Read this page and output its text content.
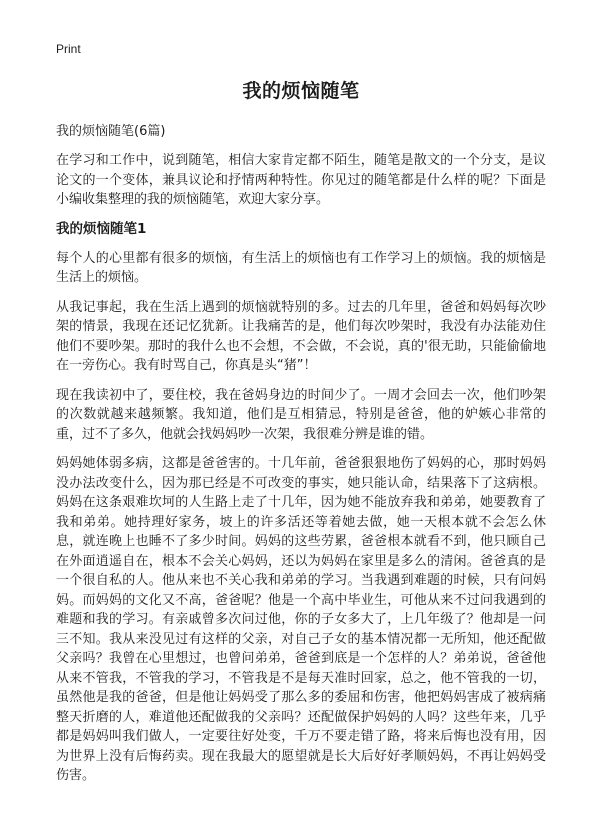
Print
我的烦恼随笔
我的烦恼随笔(6篇)

在学习和工作中，说到随笔，相信大家肯定都不陌生，随笔是散文的一个分支，是议论文的一个变体，兼具议论和抒情两种特性。你见过的随笔都是什么样的呢？下面是小编收集整理的我的烦恼随笔，欢迎大家分享。

我的烦恼随笔1

每个人的心里都有很多的烦恼，有生活上的烦恼也有工作学习上的烦恼。我的烦恼是生活上的烦恼。

从我记事起，我在生活上遇到的烦恼就特别的多。过去的几年里，爸爸和妈妈每次吵架的情景，我现在还记忆犹新。让我痛苦的是，他们每次吵架时，我没有办法能劝住他们不要吵架。那时的我什么也不会想，不会做，不会说，真的'很无助，只能偷偷地在一旁伤心。我有时骂自己，你真是头“猪”！

现在我读初中了，要住校，我在爸妈身边的时间少了。一周才会回去一次，他们吵架的次数就越来越频繁。我知道，他们是互相猜忌，特别是爸爸，他的妒嫉心非常的重，过不了多久，他就会找妈妈吵一次架，我很难分辨是谁的错。

妈妈她体弱多病，这都是爸爸害的。十几年前，爸爸狠狠地伤了妈妈的心，那时妈妈没办法改变什么，因为那已经是不可改变的事实，她只能认命，结果落下了这病根。妈妈在这条艰难坎坷的人生路上走了十几年，因为她不能放弃我和弟弟，她要教育了我和弟弟。她持理好家务，坡上的许多活还等着她去做，她一天根本就不会怎么休息，就连晚上也睡不了多少时间。妈妈的这些劳累，爸爸根本就看不到，他只顾自己在外面逍遥自在，根本不会关心妈妈，还以为妈妈在家里是多么的清闲。爸爸真的是一个很自私的人。他从来也不关心我和弟弟的学习。当我遇到难题的时候，只有问妈妈。而妈妈的文化又不高，爸爸呢？他是一个高中毕业生，可他从来不过问我遇到的难题和我的学习。有亲戚曾多次问过他，你的子女多大了，上几年级了？他却是一问三不知。我从来没见过有这样的父亲，对自己子女的基本情况都一无所知，他还配做父亲吗？我曾在心里想过，也曾问弟弟，爸爸到底是一个怎样的人？弟弟说，爸爸他从来不管我，不管我的学习，不管我是不是每天准时回家，总之，他不管我的一切，虽然他是我的爸爸，但是他让妈妈受了那么多的委屈和伤害，他把妈妈害成了被病痛整天折磨的人，难道他还配做我的父亲吗？还配做保护妈妈的人吗？这些年来，几乎都是妈妈叫我们做人，一定要往好处变，千万不要走错了路，将来后悔也没有用，因为世界上没有后悔药卖。现在我最大的愿望就是长大后好好孝顺妈妈，不再让妈妈受伤害。
